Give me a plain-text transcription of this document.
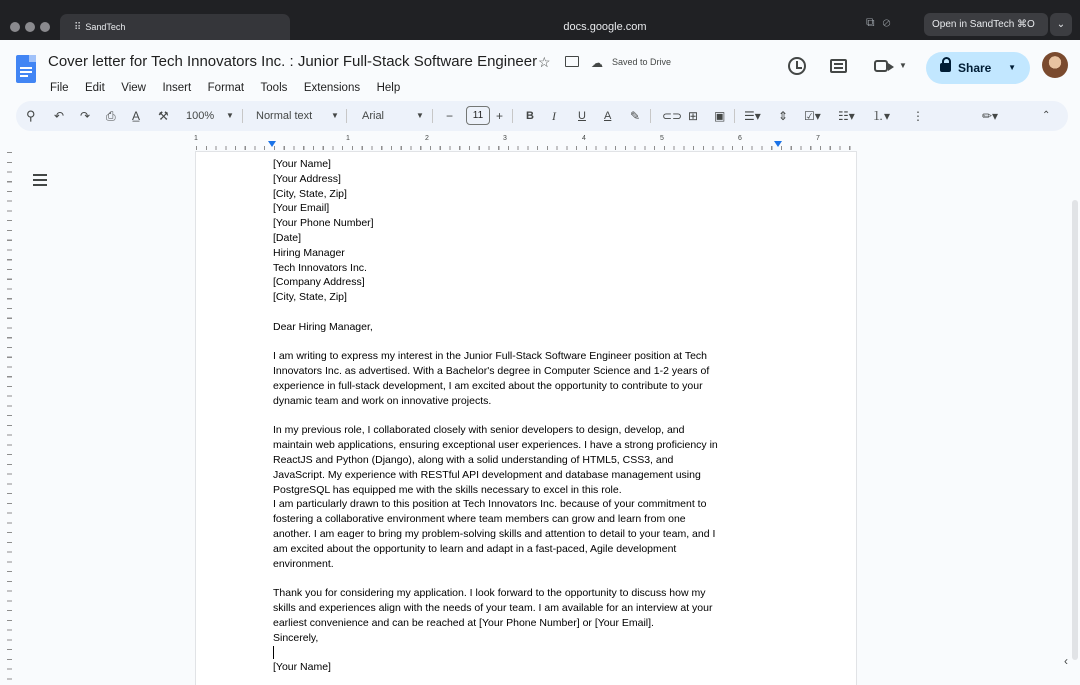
⠿ SandTech	docs.google.com	⧉⊘	Open in SandTech ⌘O	⌄
Cover letter for Tech Innovators Inc. : Junior Full-Stack Software Engineer ☆	☁ Saved to Drive
File Edit View Insert Format Tools Extensions Help
▼	Share ▼
⚲ ↶ ↷ ⎙ A̲ ⚒ 100% ▼ Normal text ▼ Arial	▼ −	11	+ B I U A ✎ ⊂⊃ ⊞ ▣ ☰▾ ⇕ ☑▾ ☷▾ ⒈▾ ⋮	✏▾	⌃
1	1	2	3	4	5	6	7
[Your Name]
[Your Address]
[City, State, Zip]
[Your Email]
[Your Phone Number]
[Date]
Hiring Manager
Tech Innovators Inc.
[Company Address]
[City, State, Zip]
Dear Hiring Manager,
I am writing to express my interest in the Junior Full-Stack Software Engineer position at Tech
Innovators Inc. as advertised. With a Bachelor's degree in Computer Science and 1-2 years of
experience in full-stack development, I am excited about the opportunity to contribute to your
dynamic team and work on innovative projects.
In my previous role, I collaborated closely with senior developers to design, develop, and
maintain web applications, ensuring exceptional user experiences. I have a strong proficiency in
ReactJS and Python (Django), along with a solid understanding of HTML5, CSS3, and
JavaScript. My experience with RESTful API development and database management using
PostgreSQL has equipped me with the skills necessary to excel in this role.
I am particularly drawn to this position at Tech Innovators Inc. because of your commitment to
fostering a collaborative environment where team members can grow and learn from one
another. I am eager to bring my problem-solving skills and attention to detail to your team, and I
am excited about the opportunity to learn and adapt in a fast-paced, Agile development
environment.
Thank you for considering my application. I look forward to the opportunity to discuss how my
skills and experiences align with the needs of your team. I am available for an interview at your
earliest convenience and can be reached at [Your Phone Number] or [Your Email].
Sincerely,
[Your Name]	‹
